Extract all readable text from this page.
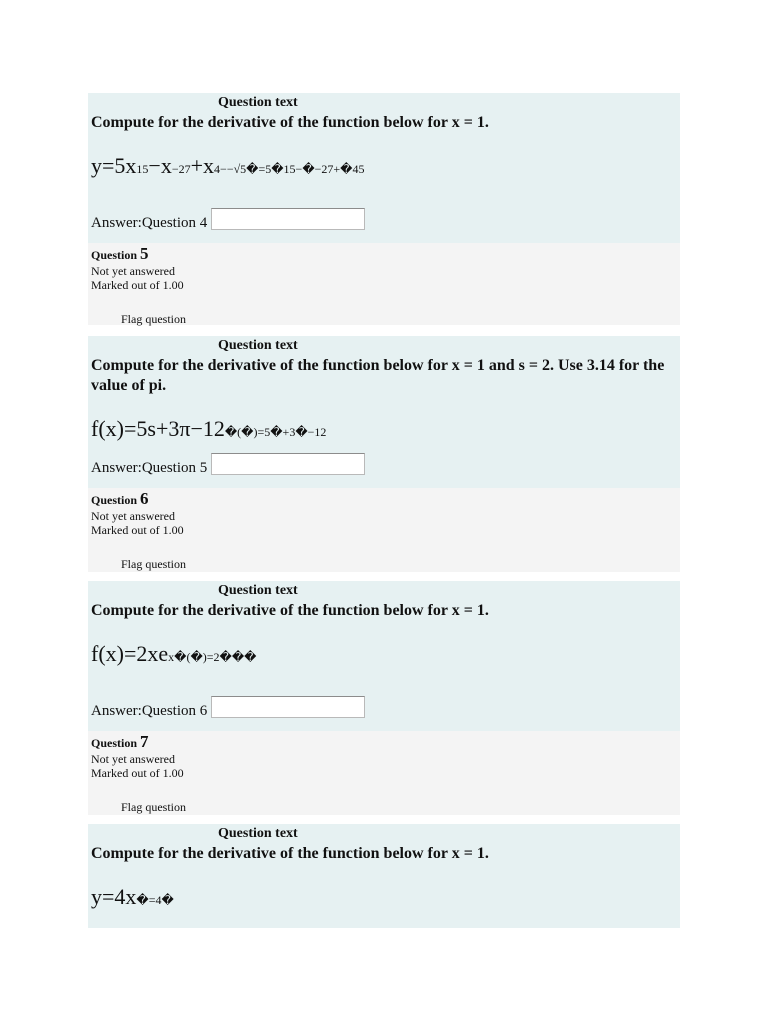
Question text
Compute for the derivative of the function below for x = 1.
y=5x15−x−27+x4−−√5�=5�15−�−27+�45
Answer:Question 4
Question 5
Not yet answered
Marked out of 1.00
Flag question
Question text
Compute for the derivative of the function below for x = 1 and s = 2. Use 3.14 for the value of pi.
f(x)=5s+3π−12�(�)=5�+3�−12
Answer:Question 5
Question 6
Not yet answered
Marked out of 1.00
Flag question
Question text
Compute for the derivative of the function below for x = 1.
f(x)=2xex�(�)=2���
Answer:Question 6
Question 7
Not yet answered
Marked out of 1.00
Flag question
Question text
Compute for the derivative of the function below for x = 1.
y=4x�=4�
